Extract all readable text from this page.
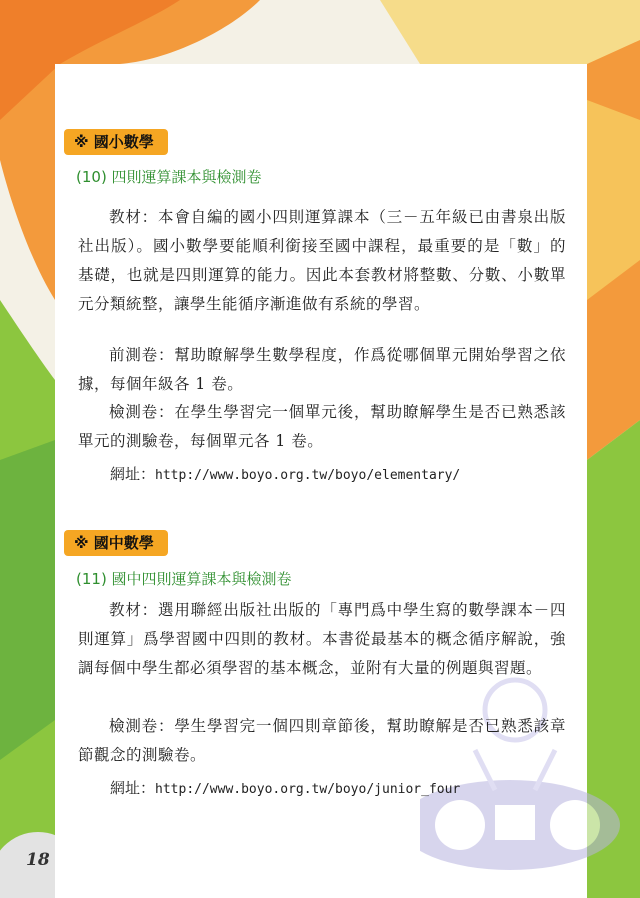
※ 國小數學
(10) 四則運算課本與檢測卷
教材：本會自編的國小四則運算課本（三－五年級已由書泉出版社出版）。國小數學要能順利銜接至國中課程，最重要的是「數」的基礎，也就是四則運算的能力。因此本套教材將整數、分數、小數單元分類統整，讓學生能循序漸進做有系統的學習。
前測卷：幫助瞭解學生數學程度，作爲從哪個單元開始學習之依據，每個年級各 1 卷。
檢測卷：在學生學習完一個單元後，幫助瞭解學生是否已熟悉該單元的測驗卷，每個單元各 1 卷。
網址：http://www.boyo.org.tw/boyo/elementary/
※ 國中數學
(11) 國中四則運算課本與檢測卷
教材：選用聯經出版社出版的「專門爲中學生寫的數學課本－四則運算」爲學習國中四則的教材。本書從最基本的概念循序解說，強調每個中學生都必須學習的基本概念，並附有大量的例題與習題。
檢測卷：學生學習完一個四則章節後，幫助瞭解是否已熟悉該章節觀念的測驗卷。
網址：http://www.boyo.org.tw/boyo/junior_four
18
